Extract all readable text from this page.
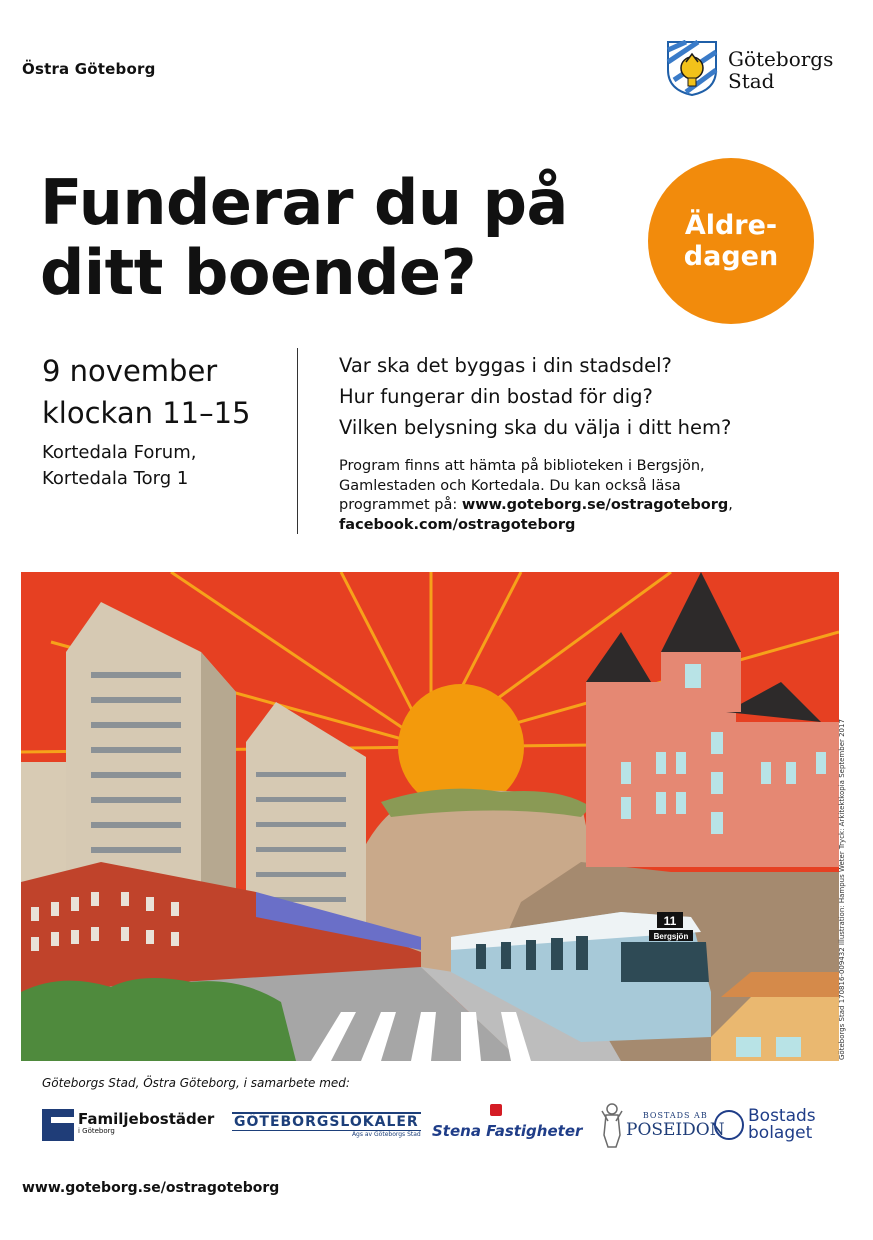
Östra Göteborg	Göteborgs
Stad
Funderar du på ditt boende?
Äldre-
dagen
9 november
klockan 11–15
Kortedala Forum,
Kortedala Torg 1
Var ska det byggas i din stadsdel?
Hur fungerar din bostad för dig?
Vilken belysning ska du välja i ditt hem?
Program finns att hämta på biblioteken i Bergsjön, Gamlestaden och Kortedala. Du kan också läsa programmet på: www.goteborg.se/ostragoteborg,
facebook.com/ostragoteborg
11
Bergsjön	Göteborgs Stad 170816-009432 Illustration: Hampus Weter Tryck: Arkitektkopia September 2017
Göteborgs Stad, Östra Göteborg, i samarbete med:
Familjebostäder
i Göteborg
GÖTEBORGSLOKALER
Ägs av Göteborgs Stad Stena Fastigheter
BOSTADS AB
POSEIDON
Bostads
bolaget
www.goteborg.se/ostragoteborg
